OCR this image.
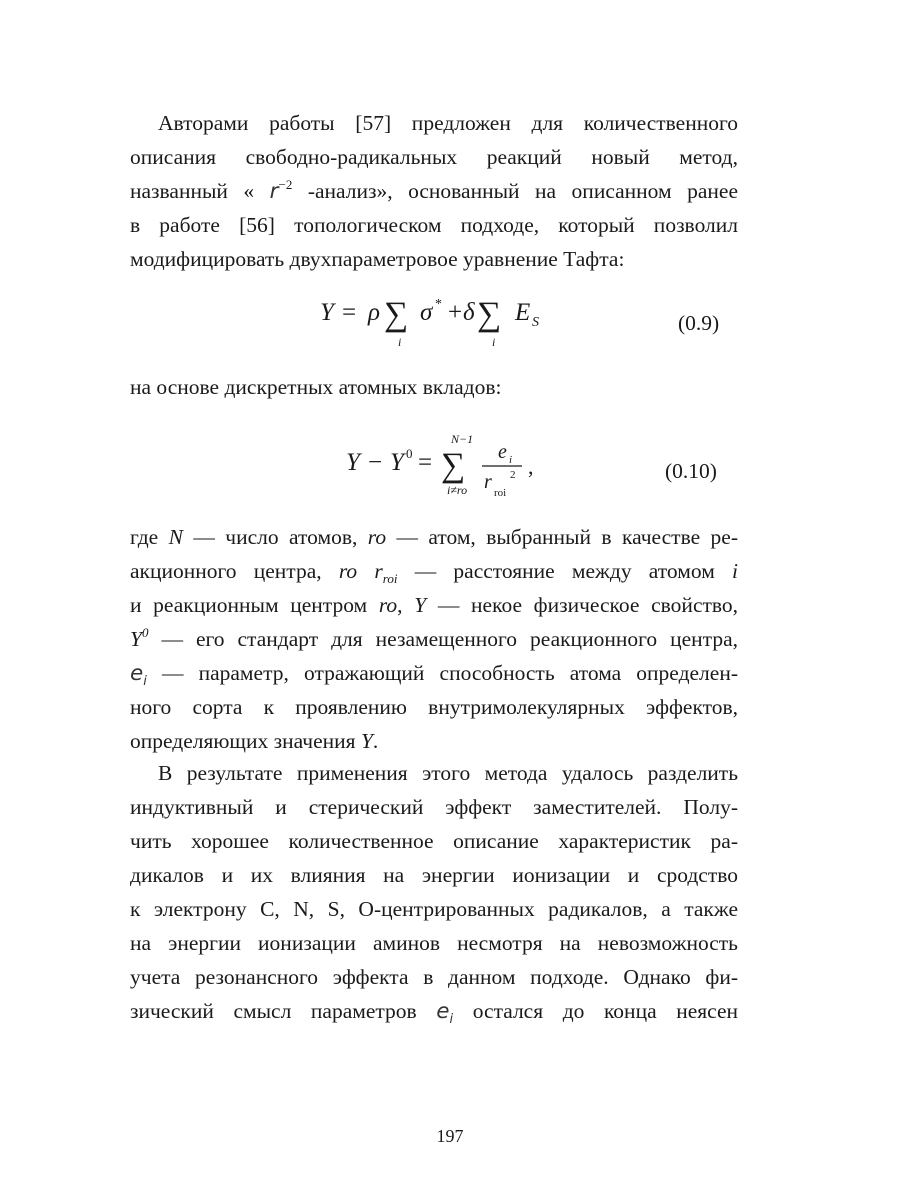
Авторами работы [57] предложен для количественного
описания свободно-радикальных реакций новый метод,
названный « $r^{-2}$ -анализ», основанный на описанном ранее
в работе [56] топологическом подходе, который позволил
модифицировать двухпараметровое уравнение Тафта:
Y = ρ ∑
i
σ * + δ ∑
i
E S	(0.9)
на основе дискретных атомных вкладов:
Y − Y 0 =
N−1
∑
i≠ro
e i
r 2
roi
,	(0.10)
где N — число атомов, ro — атом, выбранный в качестве ре-
акционного центра, ro $r_{roi}$ — расстояние между атомом i
и реакционным центром ro, Y — некое физическое свойство,
$Y^0$ — его стандарт для незамещенного реакционного центра,
$e_i$ — параметр, отражающий способность атома определен-
ного сорта к проявлению внутримолекулярных эффектов,
определяющих значения Y.
В результате применения этого метода удалось разделить
индуктивный и стерический эффект заместителей. Полу-
чить хорошее количественное описание характеристик ра-
дикалов и их влияния на энергии ионизации и сродство
к электрону C, N, S, O-центрированных радикалов, а также
на энергии ионизации аминов несмотря на невозможность
учета резонансного эффекта в данном подходе. Однако фи-
зический смысл параметров $e_i$ остался до конца неясен
197
